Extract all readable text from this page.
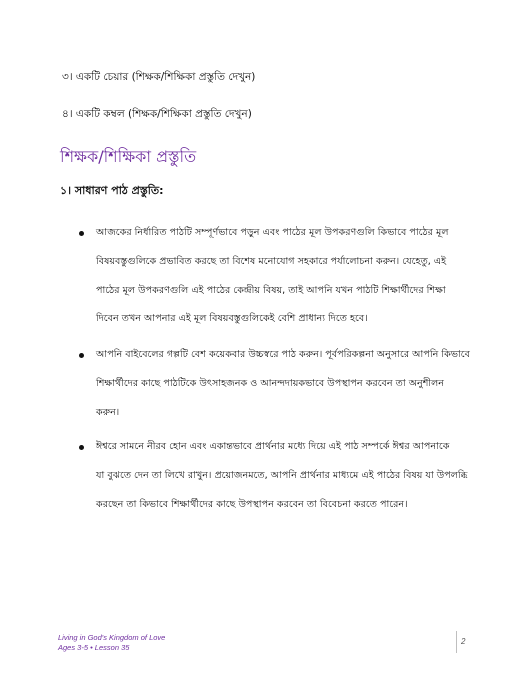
৩। একটি চেয়ার (শিক্ষক/শিক্ষিকা প্রস্তুতি দেখুন)

৪। একটি কম্বল (শিক্ষক/শিক্ষিকা প্রস্তুতি দেখুন)

শিক্ষক/শিক্ষিকা প্রস্তুতি

১। সাধারণ পাঠ প্রস্তুতি:

আজকের নির্ধারিত পাঠটি সম্পূর্ণভাবে পড়ুন এবং পাঠের মূল উপকরণগুলি কিভাবে পাঠের মূল

বিষয়বস্তুগুলিকে প্রভাবিত করছে তা বিশেষ মনোযোগ সহকারে পর্যালোচনা করুন। যেহেতু, এই

পাঠের মূল উপকরণগুলি এই পাঠের কেন্দ্রীয় বিষয়, তাই আপনি যখন পাঠটি শিক্ষার্থীদের শিক্ষা

দিবেন তখন আপনার এই মূল বিষয়বস্তুগুলিকেই বেশি প্রাধান্য দিতে হবে।

আপনি বাইবেলের গল্পটি বেশ কয়েকবার উচ্চস্বরে পাঠ করুন। পূর্বপরিকল্পনা অনুসারে আপনি কিভাবে

শিক্ষার্থীদের কাছে পাঠটিকে উৎসাহজনক ও আনন্দদায়কভাবে উপস্থাপন করবেন তা অনুশীলন

করুন।

ঈশ্বরে সামনে নীরব হোন এবং একান্তভাবে প্রার্থনার মধ্যে দিয়ে এই পাঠ সম্পর্কে ঈশ্বর আপনাকে

যা বুঝতে দেন তা লিখে রাখুন। প্রয়োজনমতে, আপনি প্রার্থনার মাধ্যমে এই পাঠের বিষয় যা উপলব্ধি

করছেন তা কিভাবে শিক্ষার্থীদের কাছে উপস্থাপন করবেন তা বিবেচনা করতে পারেন।

Living in God's Kingdom of Love
Ages 3-5 • Lesson 35
2
